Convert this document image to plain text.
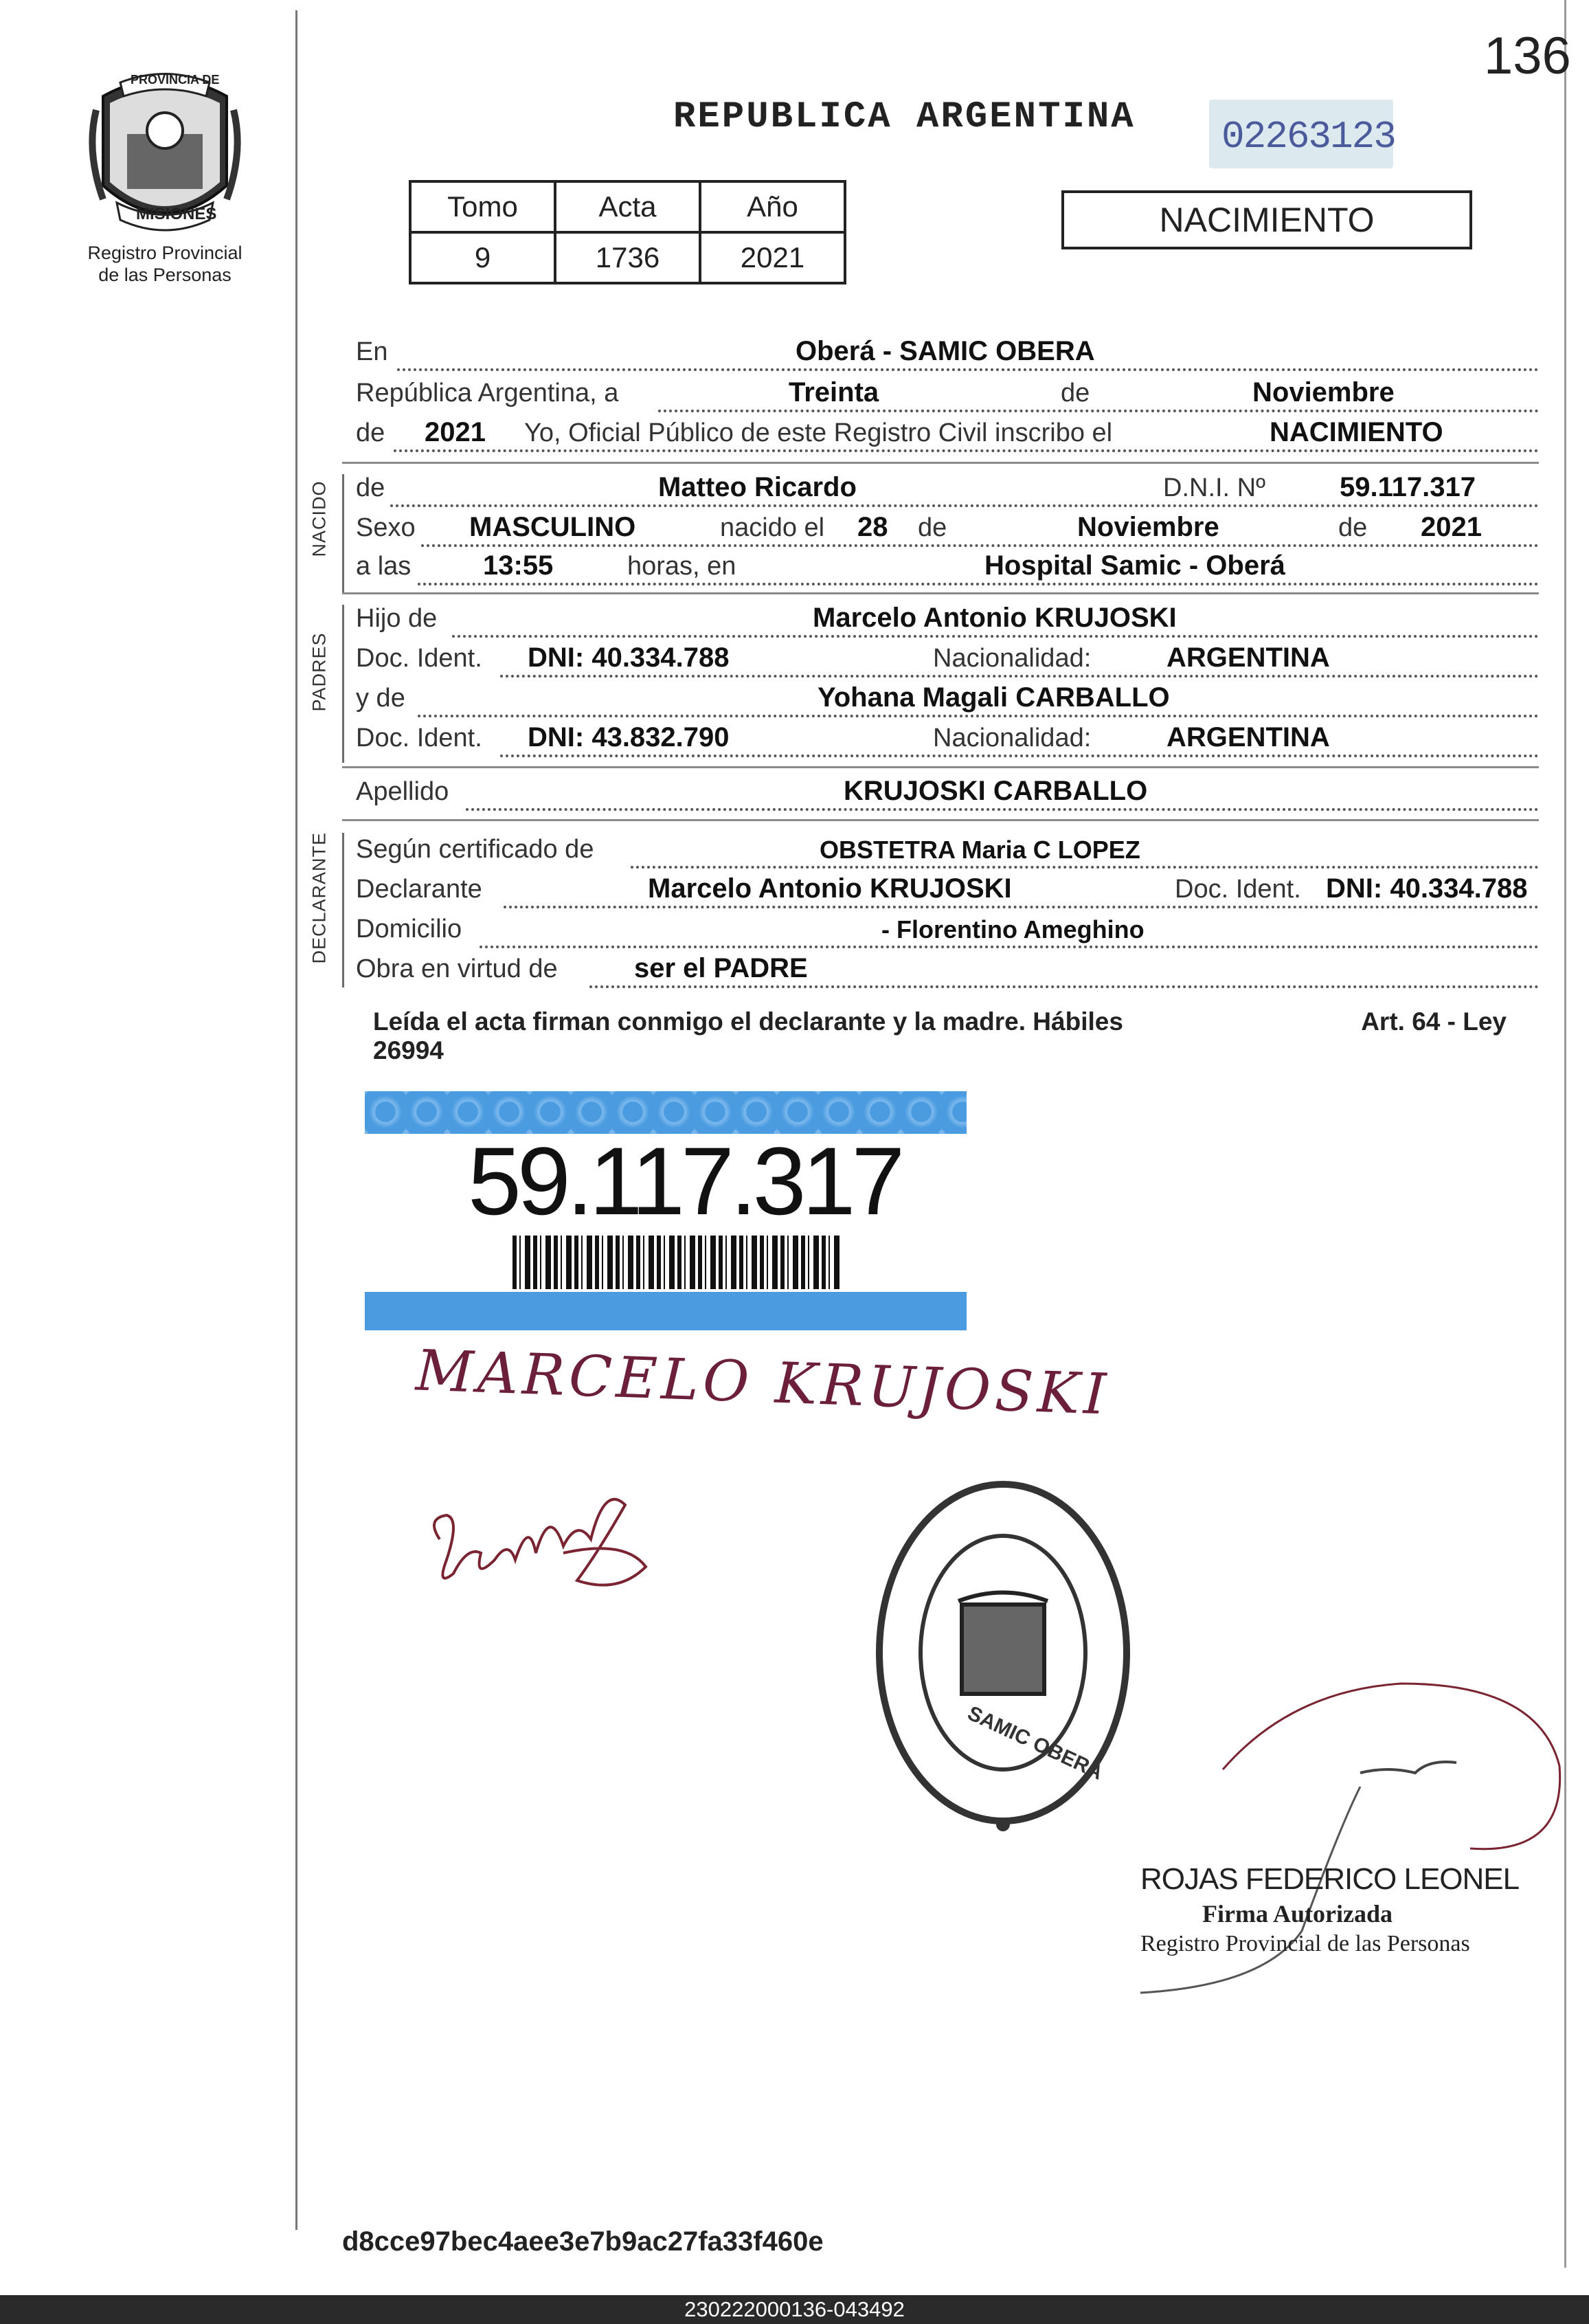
136
PROVINCIA DE
MISIONES
Registro Provincial
de las Personas
REPUBLICA ARGENTINA 02263123
Tomo	Acta	Año
9	1736	2021
NACIMIENTO
En	Oberá - SAMIC OBERA
República Argentina, a	Treinta	de	Noviembre
de 2021 Yo, Oficial Público de este Registro Civil inscribo el	NACIMIENTO
NACIDO de	Matteo Ricardo	D.N.I. Nº	59.117.317
Sexo MASCULINO	nacido el 28 de	Noviembre	de 2021
a las	13:55	horas, en	Hospital Samic - Oberá
PADRES
Hijo de	Marcelo Antonio KRUJOSKI
Doc. Ident. DNI: 40.334.788	Nacionalidad:	ARGENTINA
y de	Yohana Magali CARBALLO
Doc. Ident. DNI: 43.832.790	Nacionalidad:	ARGENTINA
Apellido	KRUJOSKI CARBALLO
DECLARANTE Según certificado de	OBSTETRA Maria C LOPEZ
Declarante	Marcelo Antonio KRUJOSKI	Doc. Ident. DNI: 40.334.788
Domicilio	- Florentino Ameghino
Obra en virtud de	ser el PADRE
Leída el acta firman conmigo el declarante y la madre. Hábiles	Art. 64 - Ley
26994
59.117.317
MARCELO KRUJOSKI
SAMIC OBERA
ROJAS FEDERICO LEONEL
Firma Autorizada
Registro Provincial de las Personas
d8cce97bec4aee3e7b9ac27fa33f460e
230222000136-043492
